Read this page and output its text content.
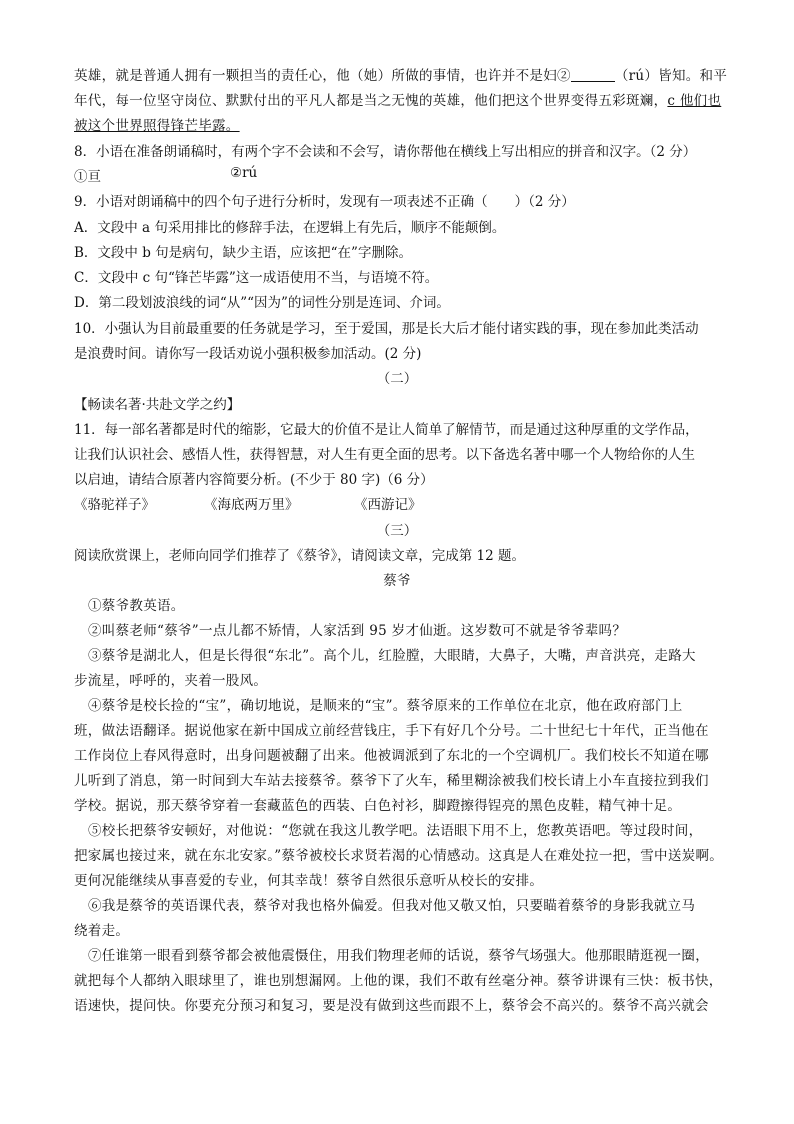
英雄，就是普通人拥有一颗担当的责任心，他（她）所做的事情，也许并不是妇②	（rú）皆知。和平
年代，每一位坚守岗位、默默付出的平凡人都是当之无愧的英雄，他们把这个世界变得五彩斑斓，c 他们也
被这个世界照得锋芒毕露。
8．小语在准备朗诵稿时，有两个字不会读和不会写，请你帮他在横线上写出相应的拼音和汉字。（2 分）
①亘	②rú
9．小语对朗诵稿中的四个句子进行分析时，发现有一项表述不正确（　　）（2 分）
A．文段中 a 句采用排比的修辞手法，在逻辑上有先后，顺序不能颠倒。
B．文段中 b 句是病句，缺少主语，应该把“在”字删除。
C．文段中 c 句“锋芒毕露”这一成语使用不当，与语境不符。
D．第二段划波浪线的词“从”“因为”的词性分别是连词、介词。
10．小强认为目前最重要的任务就是学习，至于爱国，那是长大后才能付诸实践的事，现在参加此类活动
是浪费时间。请你写一段话劝说小强积极参加活动。(2 分)
（二）
【畅读名著·共赴文学之约】
11．每一部名著都是时代的缩影，它最大的价值不是让人简单了解情节，而是通过这种厚重的文学作品，
让我们认识社会、感悟人性，获得智慧，对人生有更全面的思考。以下备选名著中哪一个人物给你的人生
以启迪，请结合原著内容简要分析。(不少于 80 字)（6 分）
《骆驼祥子》	《海底两万里》	《西游记》
（三）
阅读欣赏课上，老师向同学们推荐了《蔡爷》，请阅读文章，完成第 12 题。
蔡爷
①蔡爷教英语。
②叫蔡老师“蔡爷”一点儿都不矫情，人家活到 95 岁才仙逝。这岁数可不就是爷爷辈吗？
③蔡爷是湖北人，但是长得很“东北”。高个儿，红脸膛，大眼睛，大鼻子，大嘴，声音洪亮，走路大
步流星，呼呼的，夹着一股风。
④蔡爷是校长捡的“宝”，确切地说，是顺来的“宝”。蔡爷原来的工作单位在北京，他在政府部门上
班，做法语翻译。据说他家在新中国成立前经营钱庄，手下有好几个分号。二十世纪七十年代，正当他在
工作岗位上春风得意时，出身问题被翻了出来。他被调派到了东北的一个空调机厂。我们校长不知道在哪
儿听到了消息，第一时间到大车站去接蔡爷。蔡爷下了火车，稀里糊涂被我们校长请上小车直接拉到我们
学校。据说，那天蔡爷穿着一套藏蓝色的西装、白色衬衫，脚蹬擦得锃亮的黑色皮鞋，精气神十足。
⑤校长把蔡爷安顿好，对他说：“您就在我这儿教学吧。法语眼下用不上，您教英语吧。等过段时间，
把家属也接过来，就在东北安家。”蔡爷被校长求贤若渴的心情感动。这真是人在难处拉一把，雪中送炭啊。
更何况能继续从事喜爱的专业，何其幸哉！蔡爷自然很乐意听从校长的安排。
⑥我是蔡爷的英语课代表，蔡爷对我也格外偏爱。但我对他又敬又怕，只要瞄着蔡爷的身影我就立马
绕着走。
⑦任谁第一眼看到蔡爷都会被他震慑住，用我们物理老师的话说，蔡爷气场强大。他那眼睛逛视一圈，
就把每个人都纳入眼球里了，谁也别想漏网。上他的课，我们不敢有丝毫分神。蔡爷讲课有三快：板书快，
语速快，提问快。你要充分预习和复习，要是没有做到这些而跟不上，蔡爷会不高兴的。蔡爷不高兴就会
